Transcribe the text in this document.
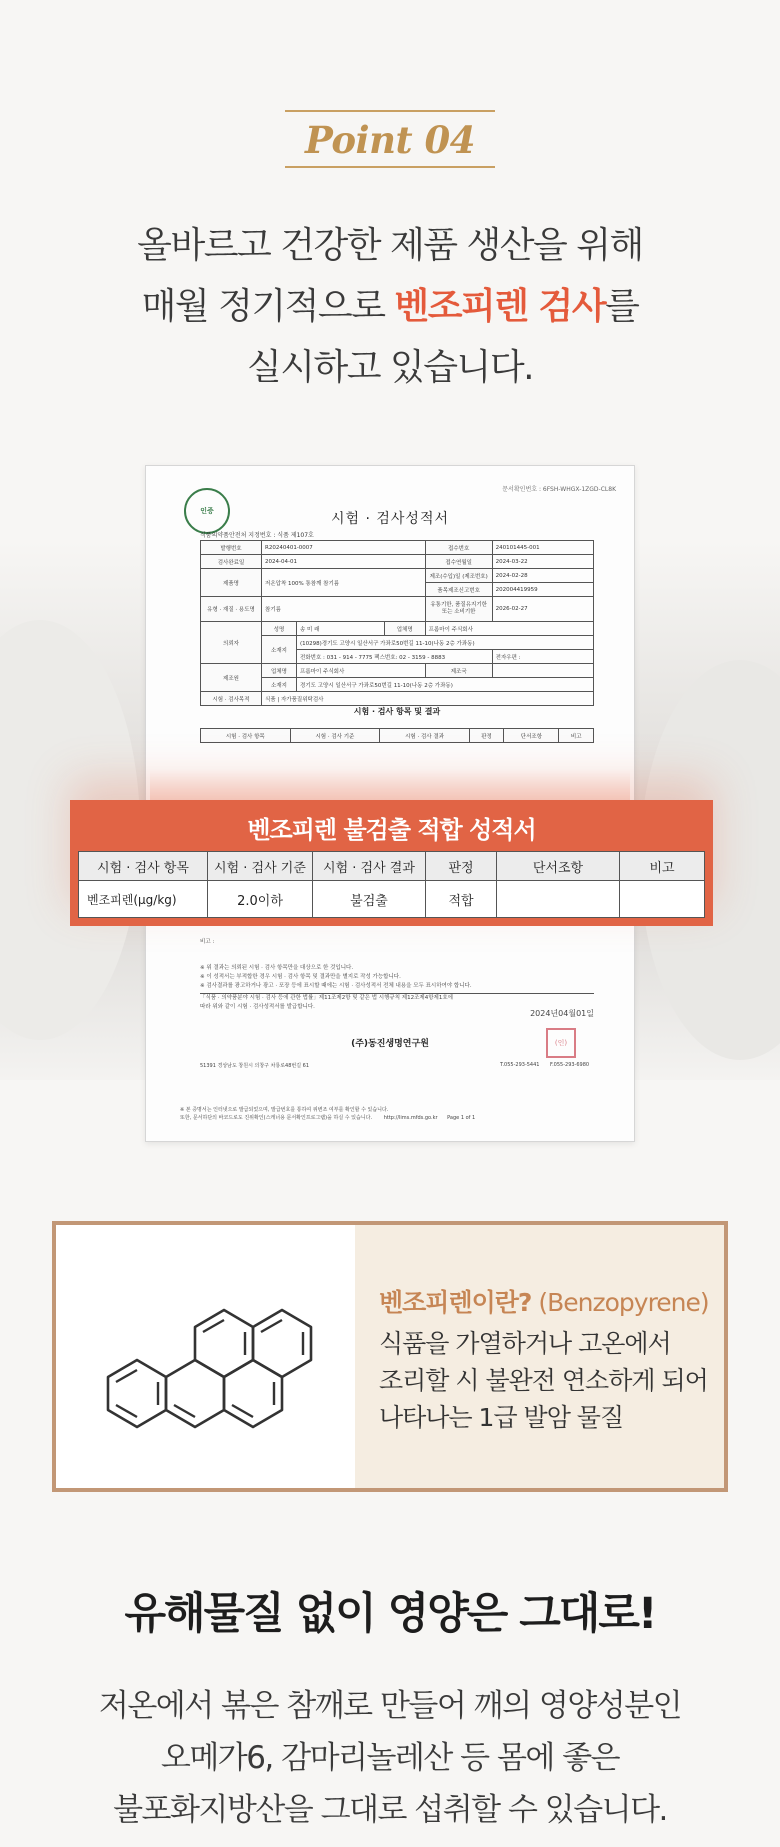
Point 04
올바르고 건강한 제품 생산을 위해
매월 정기적으로 벤조피렌 검사를
실시하고 있습니다.
문서확인번호 : 6FSH-WHGX-1ZGD-CL8K
인증	시험 · 검사성적서
식품의약품안전처 지정번호 : 식품 제107호
발행번호	R20240401-0007			접수번호	240101445-001
검사완료일	2024-04-01			접수연월일	2024-03-22
제품명	저온압착 100% 통참깨 참기름			제조(수입)일 (제조번호)	2024-02-28
				품목제조신고번호	202004419959
유형 · 재질 · 용도명	참기름			유통기한, 품질유지기한 또는 소비기한	2026-02-27
의뢰자	성명	송 미 래	업체명	프롬마이 주식회사	
	소재지	(10298)경기도 고양시 일산서구 가좌로50번길 11-10(나동 2층 가좌동)			
		전화번호 : 031 - 914 - 7775 팩스번호: 02 - 3159 - 8883			전자우편 :
제조원	업체명	프롬마이 주식회사		제조국	
	소재지	경기도 고양시 일산서구 가좌로50번길 11-10(나동 2층 가좌동)			
시험 · 검사목적	식품 | 자가품질위탁검사				
시험 · 검사 항목 및 결과
시험 · 검사 항목	시험 · 검사 기준	시험 · 검사 결과	판정	단서조항	비고
비고 :
※ 위 결과는 의뢰된 시험 · 검사 항목만을 대상으로 한 것입니다.
※ 이 성적서는 부적합한 경우 시험 · 검사 항목 및 결과만을 별지로 작성 가능합니다.
※ 검사결과를 광고하거나 광고 · 포장 등에 표시할 때에는 시험 · 검사성적서 전체 내용을 모두 표시하여야 합니다.
「식품 · 의약품분야 시험 · 검사 등에 관한 법률」제11조제2항 및 같은 법 시행규칙 제12조제4항제1호에
따라 위와 같이 시험 · 검사성적서를 발급합니다.
2024년04월01일
(주)동진생명연구원	(인)
51391 경상남도 창원시 의창구 차룡로48번길 61	T.055-293-5441 F.055-293-6980
※ 본 증명서는 인터넷으로 발급되었으며, 발급번호를 통하여 위변조 여부를 확인할 수 있습니다.
또한, 문서하단의 바코드로도 진위확인(스캐너용 문서확인프로그램)을 하실 수 있습니다. http://lims.mfds.go.kr Page 1 of 1
벤조피렌 불검출 적합 성적서
시험 · 검사 항목	시험 · 검사 기준	시험 · 검사 결과	판정	단서조항	비고
벤조피렌(μg/kg)	2.0이하	불검출	적합		
벤조피렌이란? (Benzopyrene)
식품을 가열하거나 고온에서
조리할 시 불완전 연소하게 되어
나타나는 1급 발암 물질
유해물질 없이 영양은 그대로!
저온에서 볶은 참깨로 만들어 깨의 영양성분인
오메가6, 감마리놀레산 등 몸에 좋은
불포화지방산을 그대로 섭취할 수 있습니다.
